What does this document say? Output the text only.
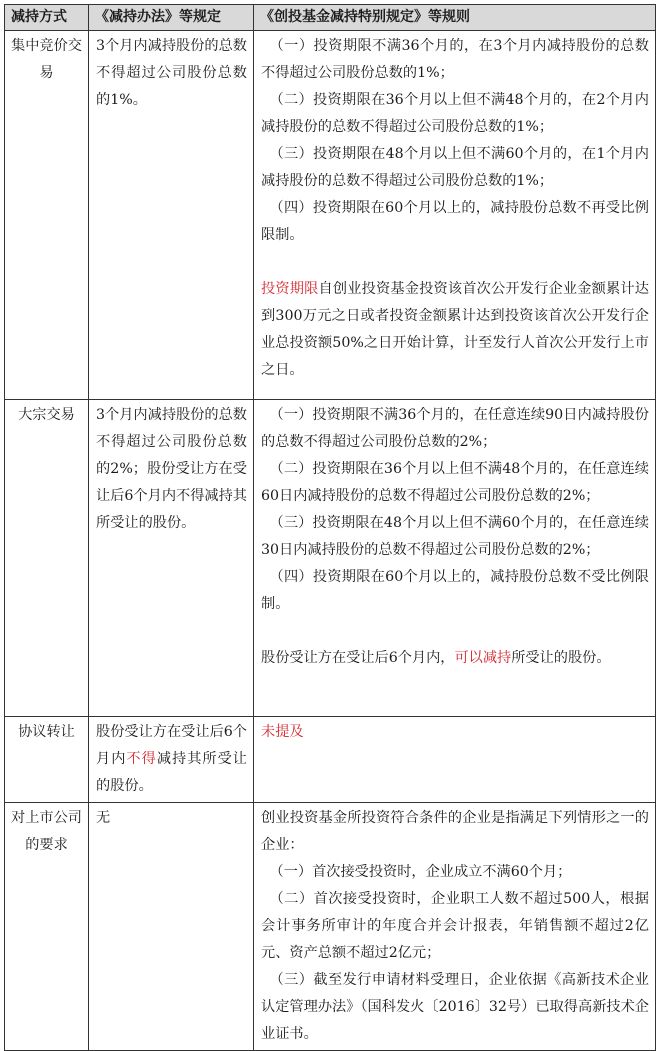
减持方式	《减持办法》等规定	《创投基金减持特别规定》等规则
集中竞价交易	3个月内减持股份的总数不得超过公司股份总数的1%。	（一）投资期限不满36个月的，在3个月内减持股份的总数不得超过公司股份总数的1%；
（二）投资期限在36个月以上但不满48个月的，在2个月内减持股份的总数不得超过公司股份总数的1%；
（三）投资期限在48个月以上但不满60个月的，在1个月内减持股份的总数不得超过公司股份总数的1%；
（四）投资期限在60个月以上的，减持股份总数不再受比例限制。
投资期限自创业投资基金投资该首次公开发行企业金额累计达到300万元之日或者投资金额累计达到投资该首次公开发行企业总投资额50%之日开始计算，计至发行人首次公开发行上市之日。

大宗交易	3个月内减持股份的总数不得超过公司股份总数的2%；股份受让方在受让后6个月内不得减持其所受让的股份。	（一）投资期限不满36个月的，在任意连续90日内减持股份的总数不得超过公司股份总数的2%；
（二）投资期限在36个月以上但不满48个月的，在任意连续60日内减持股份的总数不得超过公司股份总数的2%；
（三）投资期限在48个月以上但不满60个月的，在任意连续30日内减持股份的总数不得超过公司股份总数的2%；
（四）投资期限在60个月以上的，减持股份总数不受比例限制。
股份受让方在受让后6个月内，可以减持所受让的股份。

协议转让	股份受让方在受让后6个月内不得减持其所受让的股份。	未提及
对上市公司的要求	无	创业投资基金所投资符合条件的企业是指满足下列情形之一的企业：
（一）首次接受投资时，企业成立不满60个月；
（二）首次接受投资时，企业职工人数不超过500人，根据会计事务所审计的年度合并会计报表，年销售额不超过2亿元、资产总额不超过2亿元；
（三）截至发行申请材料受理日，企业依据《高新技术企业认定管理办法》（国科发火〔2016〕32号）已取得高新技术企业证书。
